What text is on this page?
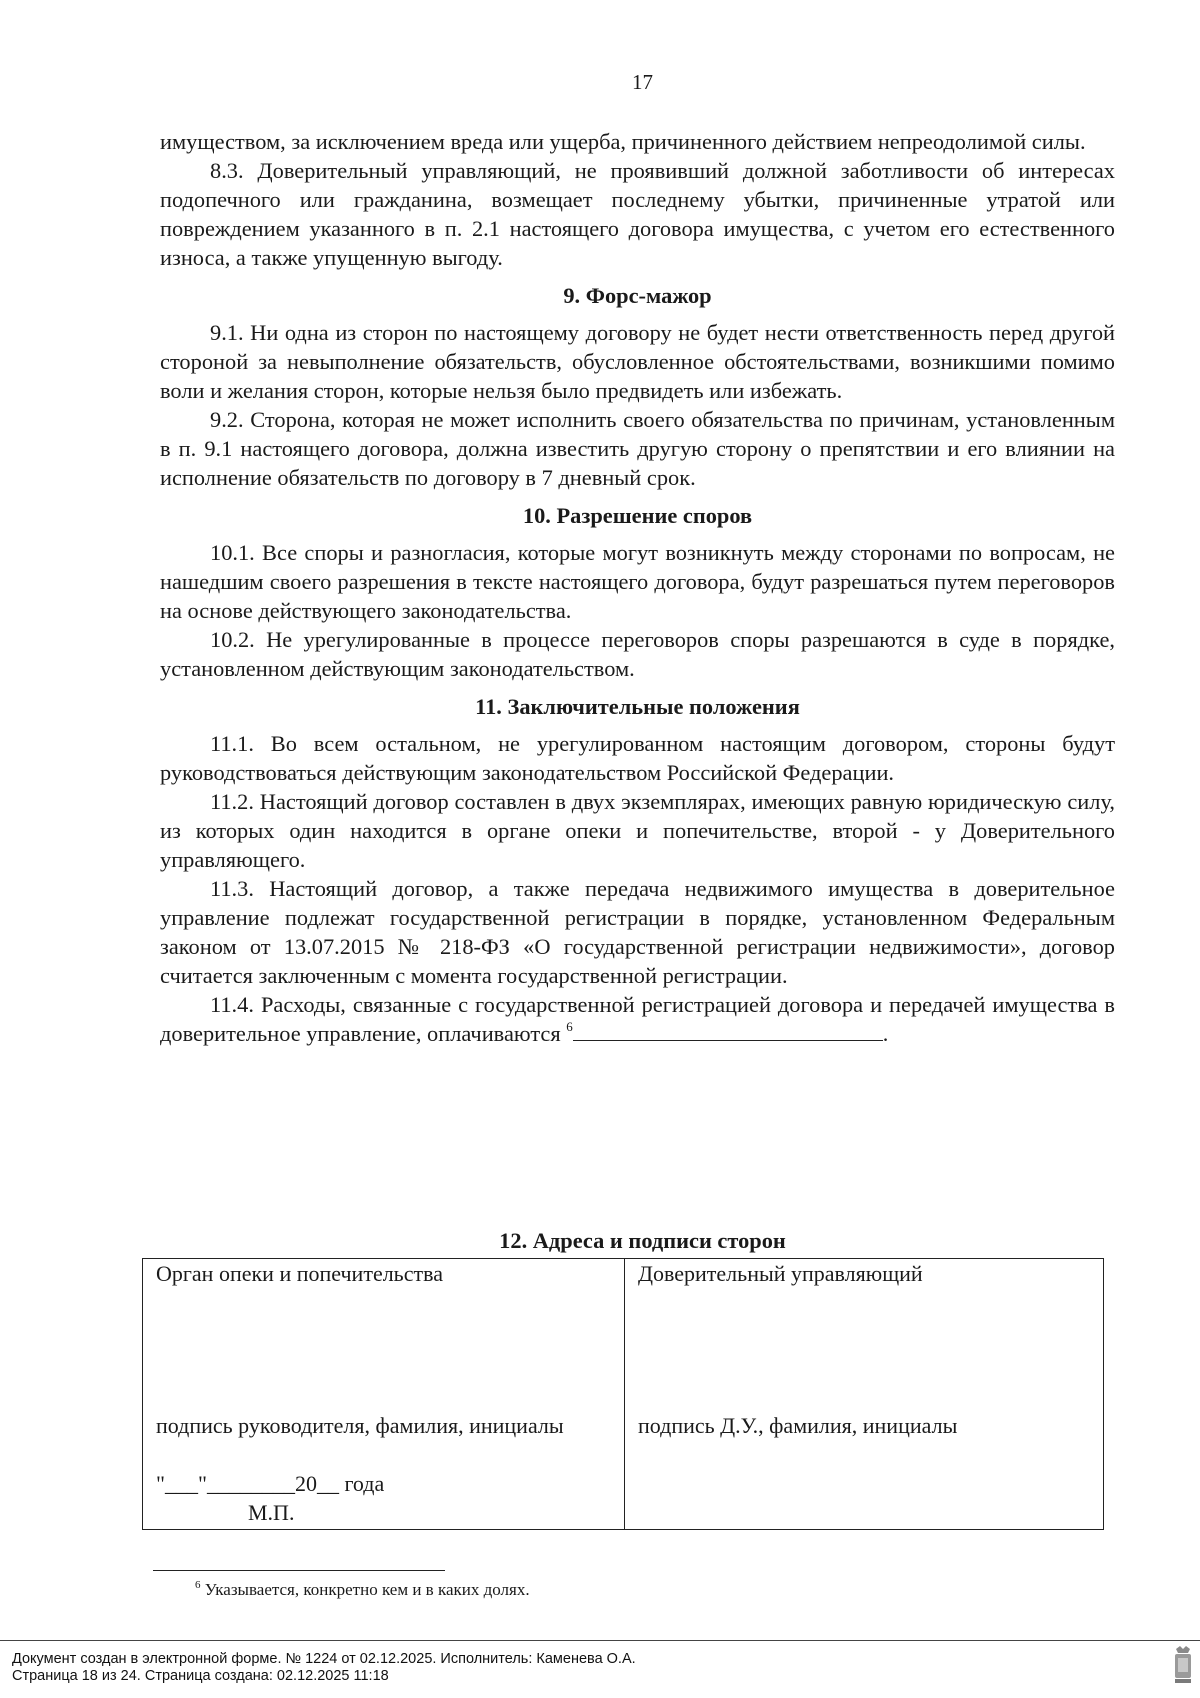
17

имуществом, за исключением вреда или ущерба, причиненного действием непреодолимой силы.

8.3. Доверительный управляющий, не проявивший должной заботливости об интересах подопечного или гражданина, возмещает последнему убытки, причиненные утратой или повреждением указанного в п. 2.1 настоящего договора имущества, с учетом его естественного износа, а также упущенную выгоду.

9. Форс-мажор

9.1. Ни одна из сторон по настоящему договору не будет нести ответственность перед другой стороной за невыполнение обязательств, обусловленное обстоятельствами, возникшими помимо воли и желания сторон, которые нельзя было предвидеть или избежать.

9.2. Сторона, которая не может исполнить своего обязательства по причинам, установленным в п. 9.1 настоящего договора, должна известить другую сторону о препятствии и его влиянии на исполнение обязательств по договору в 7 дневный срок.

10. Разрешение споров

10.1. Все споры и разногласия, которые могут возникнуть между сторонами по вопросам, не нашедшим своего разрешения в тексте настоящего договора, будут разрешаться путем переговоров на основе действующего законодательства.

10.2. Не урегулированные в процессе переговоров споры разрешаются в суде в порядке, установленном действующим законодательством.

11. Заключительные положения

11.1. Во всем остальном, не урегулированном настоящим договором, стороны будут руководствоваться действующим законодательством Российской Федерации.

11.2. Настоящий договор составлен в двух экземплярах, имеющих равную юридическую силу, из которых один находится в органе опеки и попечительстве, второй - у Доверительного управляющего.

11.3. Настоящий договор, а также передача недвижимого имущества в доверительное управление подлежат государственной регистрации в порядке, установленном Федеральным законом от 13.07.2015 № 218-ФЗ «О государственной регистрации недвижимости», договор считается заключенным с момента государственной регистрации.

11.4. Расходы, связанные с государственной регистрацией договора и передачей имущества в доверительное управление, оплачиваются $^6$	.

12. Адреса и подписи сторон
Орган опеки и попечительства
подпись руководителя, фамилия, инициалы
"___"________20__ года
М.П.
Доверительный управляющий
подпись Д.У., фамилия, инициалы
$^6$ Указывается, конкретно кем и в каких долях.
Документ создан в электронной форме. № 1224 от 02.12.2025. Исполнитель: Каменева О.А.
Страница 18 из 24. Страница создана: 02.12.2025 11:18
